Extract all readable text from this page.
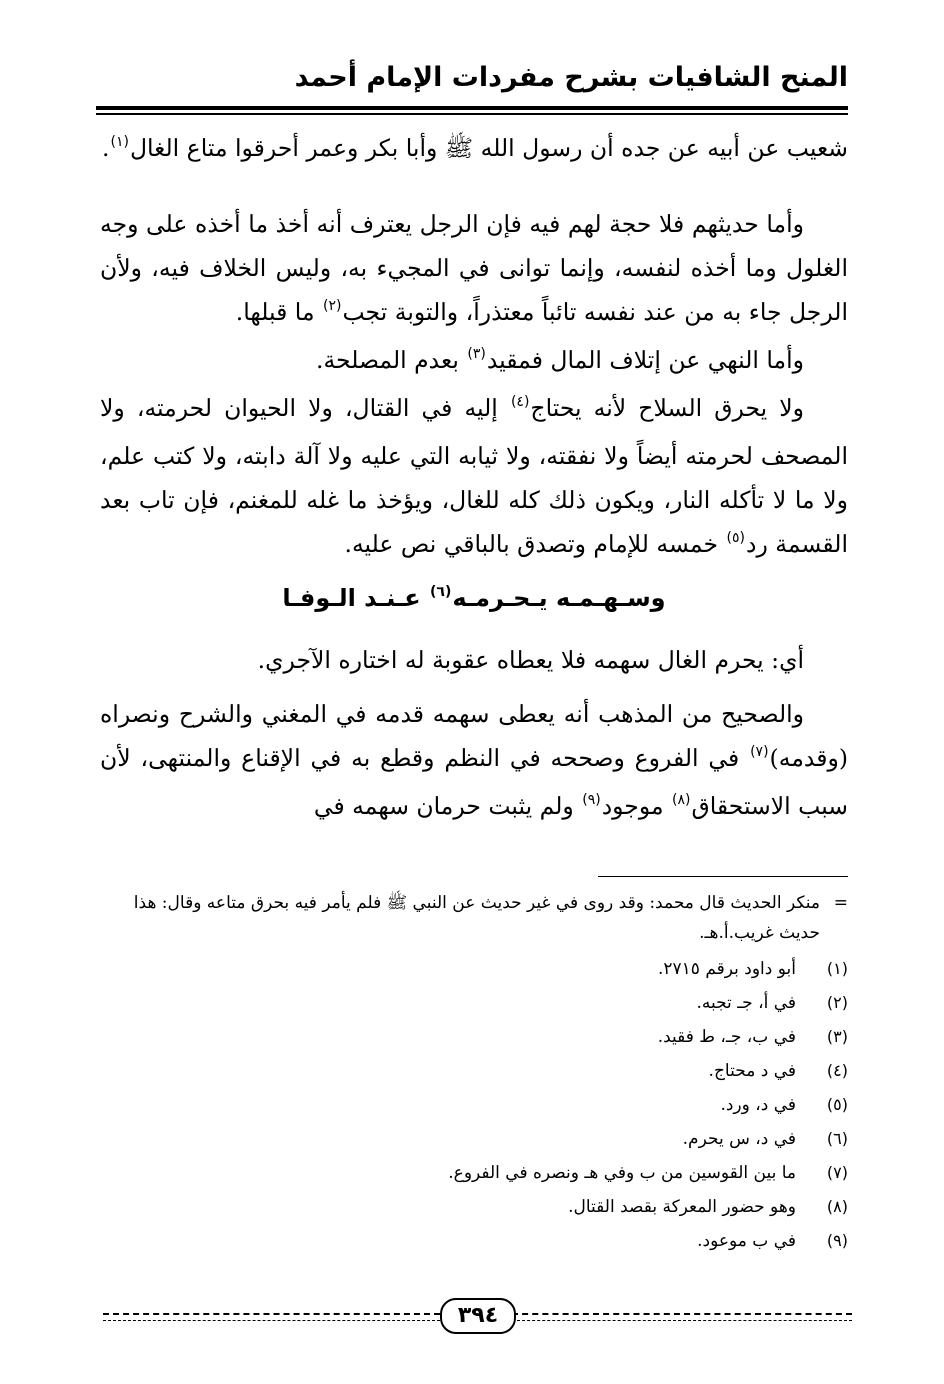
المنح الشافيات بشرح مفردات الإمام أحمد

شعيب عن أبيه عن جده أن رسول الله ﷺ وأبا بكر وعمر أحرقوا متاع الغال$^{(١)}$.

وأما حديثهم فلا حجة لهم فيه فإن الرجل يعترف أنه أخذ ما أخذه على وجه الغلول وما أخذه لنفسه، وإنما توانى في المجيء به، وليس الخلاف فيه، ولأن الرجل جاء به من عند نفسه تائباً معتذراً، والتوبة تجب$^{(٢)}$ ما قبلها.

وأما النهي عن إتلاف المال فمقيد$^{(٣)}$ بعدم المصلحة.

ولا يحرق السلاح لأنه يحتاج$^{(٤)}$ إليه في القتال، ولا الحيوان لحرمته، ولا المصحف لحرمته أيضاً ولا نفقته، ولا ثيابه التي عليه ولا آلة دابته، ولا كتب علم، ولا ما لا تأكله النار، ويكون ذلك كله للغال، ويؤخذ ما غله للمغنم، فإن تاب بعد القسمة رد$^{(٥)}$ خمسه للإمام وتصدق بالباقي نص عليه.

وسـهـمـه يـحـرمـه$^{(٦)}$ عـنـد الـوفـا

أي: يحرم الغال سهمه فلا يعطاه عقوبة له اختاره الآجري.

والصحيح من المذهب أنه يعطى سهمه قدمه في المغني والشرح ونصراه (وقدمه)$^{(٧)}$ في الفروع وصححه في النظم وقطع به في الإقناع والمنتهى، لأن سبب الاستحقاق$^{(٨)}$ موجود$^{(٩)}$ ولم يثبت حرمان سهمه في

=
منكر الحديث قال محمد: وقد روى في غير حديث عن النبي ﷺ فلم يأمر فيه بحرق متاعه وقال: هذا حديث غريب.أ.هـ.
(١)
أبو داود برقم ٢٧١٥.
(٢)
في أ، جـ تجبه.
(٣)
في ب، جـ، ط فقيد.
(٤)
في د محتاج.
(٥)
في د، ورد.
(٦)
في د، س يحرم.
(٧)
ما بين القوسين من ب وفي هـ ونصره في الفروع.
(٨)
وهو حضور المعركة بقصد القتال.
(٩)
في ب موعود.
٣٩٤
